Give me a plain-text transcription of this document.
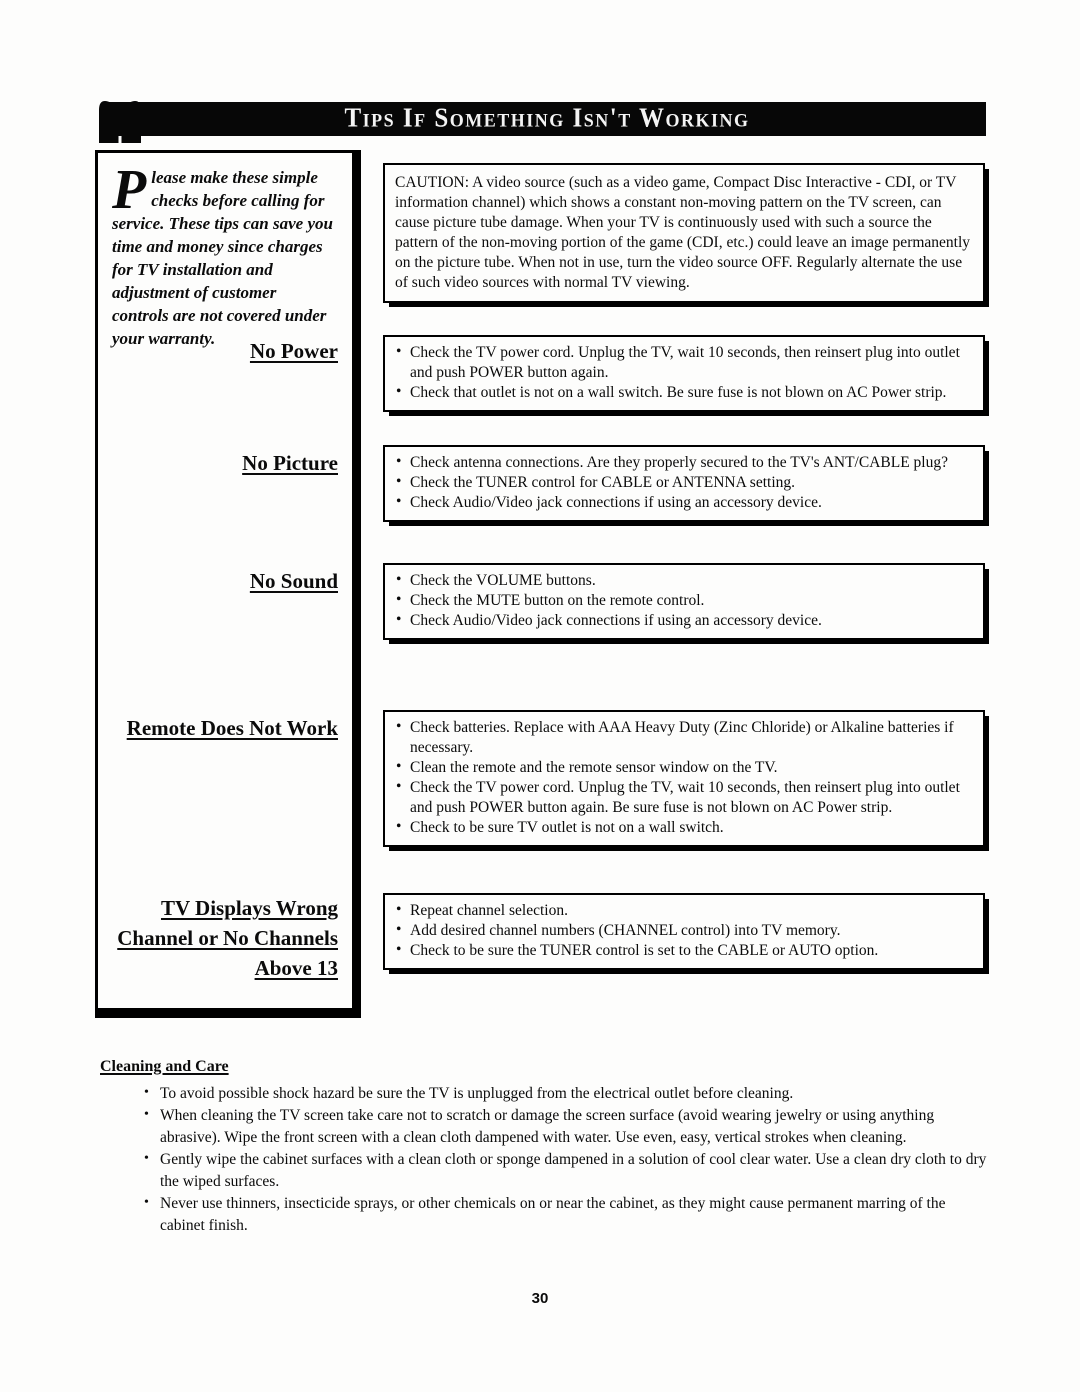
Tips If Something Isn't Working

Please make these simple checks before calling for service. These tips can save you time and money since charges for TV installation and adjustment of customer controls are not covered under your warranty.

No Power
No Picture
No Sound
Remote Does Not Work
TV Displays Wrong Channel or No Channels Above 13
CAUTION: A video source (such as a video game, Compact Disc Interactive - CDI, or TV information channel) which shows a constant non-moving pattern on the TV screen, can cause picture tube damage. When your TV is continuously used with such a source the pattern of the non-moving portion of the game (CDI, etc.) could leave an image permanently on the picture tube. When not in use, turn the video source OFF. Regularly alternate the use of such video sources with normal TV viewing.
• Check the TV power cord. Unplug the TV, wait 10 seconds, then reinsert plug into outlet and push POWER button again.
• Check that outlet is not on a wall switch. Be sure fuse is not blown on AC Power strip.
• Check antenna connections. Are they properly secured to the TV's ANT/CABLE plug?
• Check the TUNER control for CABLE or ANTENNA setting.
• Check Audio/Video jack connections if using an accessory device.
• Check the VOLUME buttons.
• Check the MUTE button on the remote control.
• Check Audio/Video jack connections if using an accessory device.
• Check batteries. Replace with AAA Heavy Duty (Zinc Chloride) or Alkaline batteries if necessary.
• Clean the remote and the remote sensor window on the TV.
• Check the TV power cord. Unplug the TV, wait 10 seconds, then reinsert plug into outlet and push POWER button again. Be sure fuse is not blown on AC Power strip.
• Check to be sure TV outlet is not on a wall switch.
• Repeat channel selection.
• Add desired channel numbers (CHANNEL control) into TV memory.
• Check to be sure the TUNER control is set to the CABLE or AUTO option.
Cleaning and Care
• To avoid possible shock hazard be sure the TV is unplugged from the electrical outlet before cleaning.
• When cleaning the TV screen take care not to scratch or damage the screen surface (avoid wearing jewelry or using anything abrasive). Wipe the front screen with a clean cloth dampened with water. Use even, easy, vertical strokes when cleaning.
• Gently wipe the cabinet surfaces with a clean cloth or sponge dampened in a solution of cool clear water. Use a clean dry cloth to dry the wiped surfaces.
• Never use thinners, insecticide sprays, or other chemicals on or near the cabinet, as they might cause permanent marring of the cabinet finish.
30
